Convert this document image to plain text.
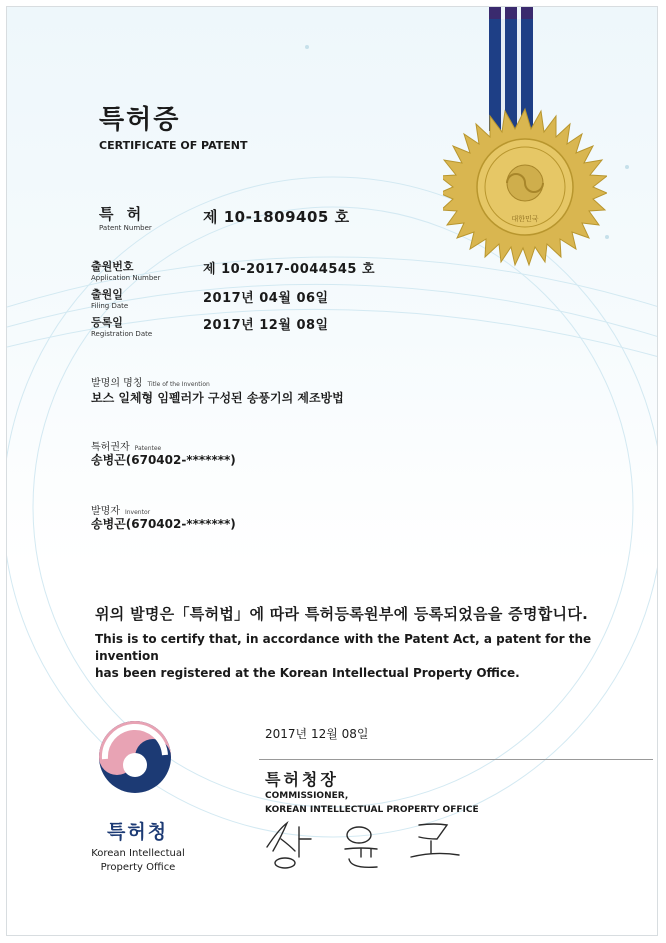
대한민국
특허증
CERTIFICATE OF PATENT
특 허
Patent Number
제 10-1809405 호
출원번호
Application Number
제 10-2017-0044545 호
출원일
Filing Date	2017년 04월 06일
등록일
Registration Date
2017년 12월 08일
발명의 명칭 Title of the Invention
보스 일체형 임펠러가 구성된 송풍기의 제조방법
특허권자 Patentee
송병곤(670402-*******)
발명자 Inventor
송병곤(670402-*******)
위의 발명은「특허법」에 따라 특허등록원부에 등록되었음을 증명합니다.
This is to certify that, in accordance with the Patent Act, a patent for the invention
has been registered at the Korean Intellectual Property Office.
특허청
Korean Intellectual
Property Office
2017년 12월 08일
특허청장
COMMISSIONER,
KOREAN INTELLECTUAL PROPERTY OFFICE
